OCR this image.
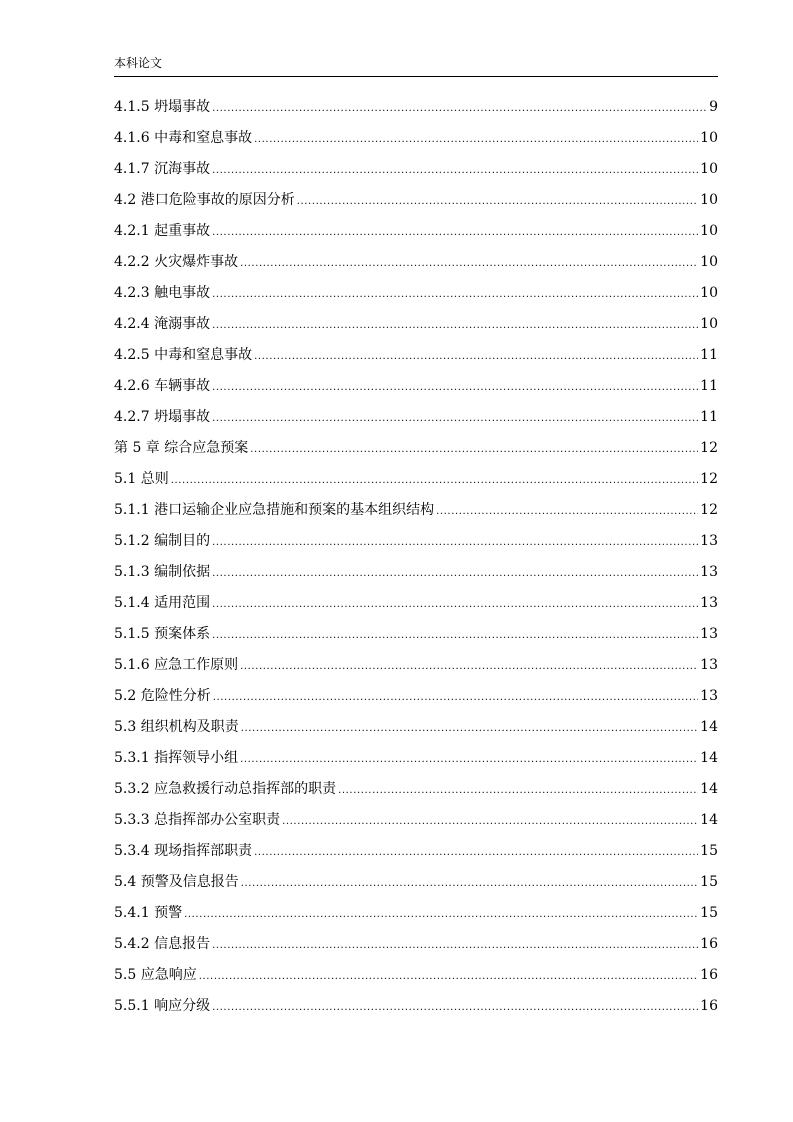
本科论文
4.1.5 坍塌事故 .....	9
4.1.6 中毒和窒息事故 .....	10
4.1.7 沉海事故 .....	10
4.2 港口危险事故的原因分析 .....	10
4.2.1 起重事故 .....	10
4.2.2 火灾爆炸事故 .....	10
4.2.3 触电事故 .....	10
4.2.4 淹溺事故 .....	10
4.2.5 中毒和窒息事故 .....	11
4.2.6 车辆事故 .....	11
4.2.7 坍塌事故 .....	11
第 5 章 综合应急预案 .....	12
5.1 总则 .....	12
5.1.1 港口运输企业应急措施和预案的基本组织结构 .....	12
5.1.2 编制目的 .....	13
5.1.3 编制依据 .....	13
5.1.4 适用范围 .....	13
5.1.5 预案体系 .....	13
5.1.6 应急工作原则 .....	13
5.2 危险性分析 .....	13
5.3 组织机构及职责 .....	14
5.3.1 指挥领导小组 .....	14
5.3.2 应急救援行动总指挥部的职责 .....	14
5.3.3 总指挥部办公室职责 .....	14
5.3.4 现场指挥部职责 .....	15
5.4 预警及信息报告 .....	15
5.4.1 预警 .....	15
5.4.2 信息报告 .....	16
5.5 应急响应 .....	16
5.5.1 响应分级 .....	16
